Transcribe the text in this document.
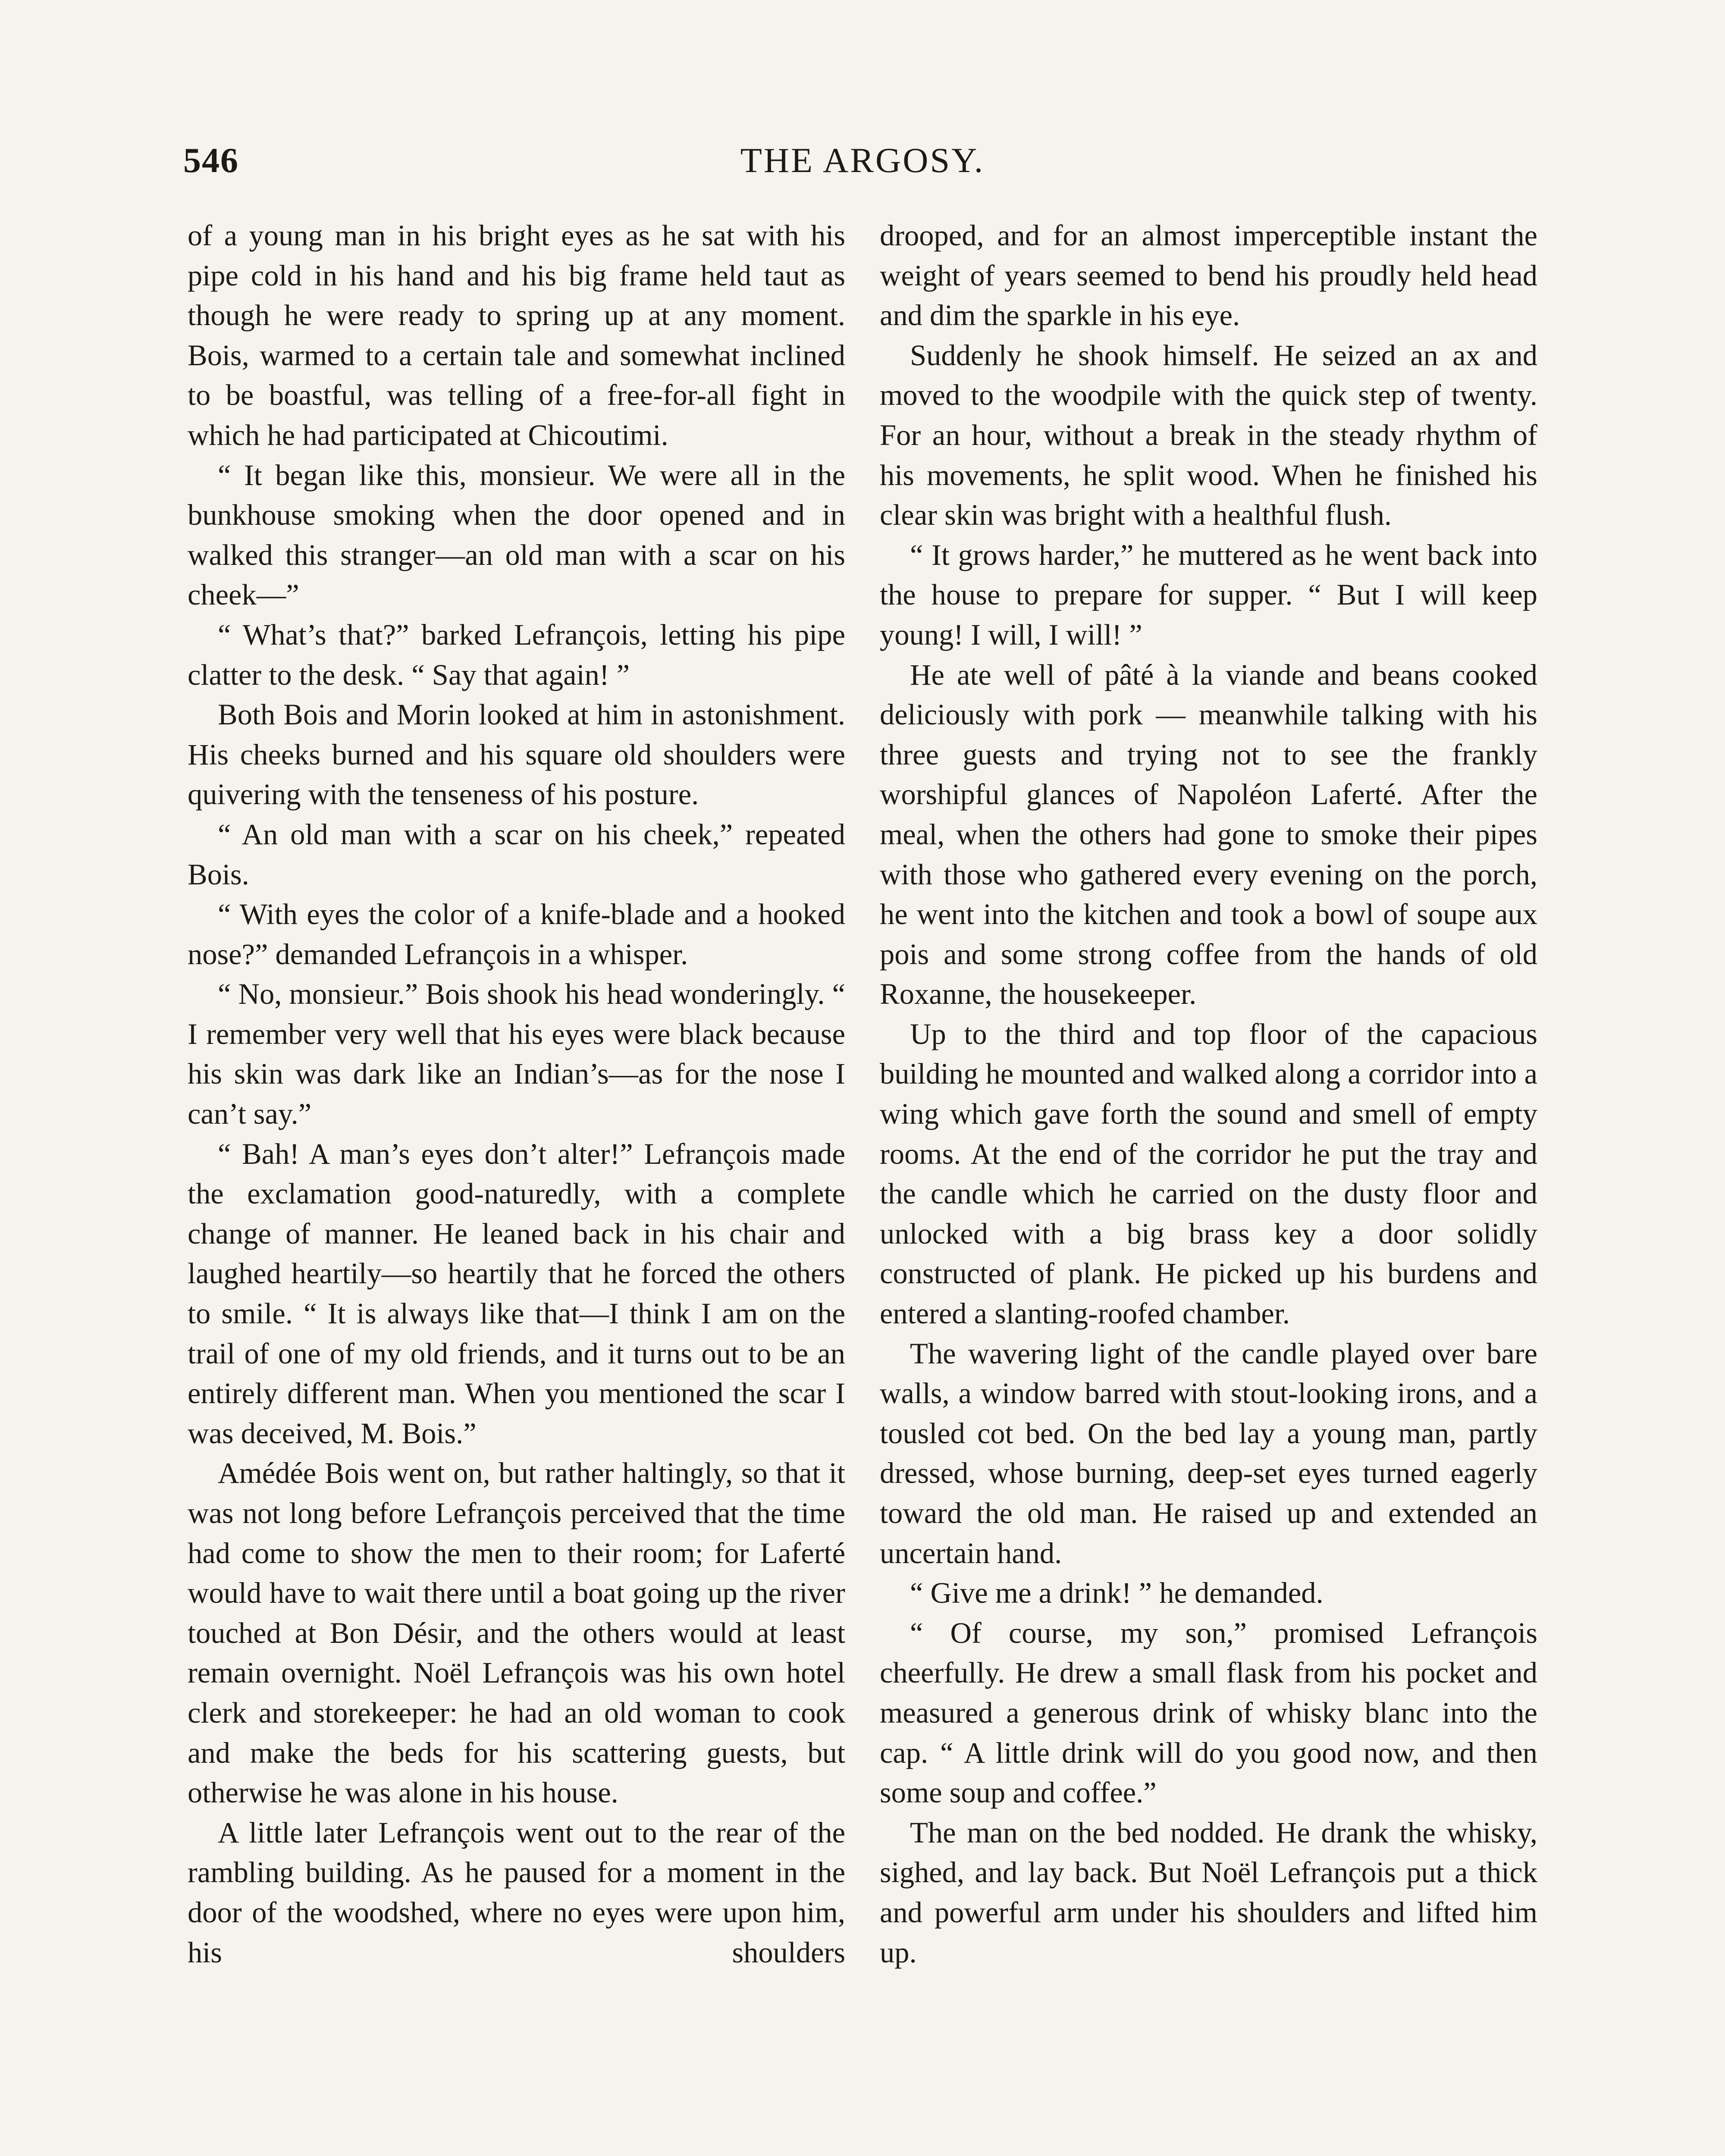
546	THE ARGOSY.

of a young man in his bright eyes as he sat with his pipe cold in his hand and his big frame held taut as though he were ready to spring up at any moment. Bois, warmed to a certain tale and somewhat inclined to be boastful, was telling of a free-for-all fight in which he had participated at Chicoutimi.

“ It began like this, monsieur. We were all in the bunkhouse smoking when the door opened and in walked this stranger—an old man with a scar on his cheek—”

“ What’s that?” barked Lefrançois, letting his pipe clatter to the desk. “ Say that again! ”

Both Bois and Morin looked at him in astonishment. His cheeks burned and his square old shoulders were quivering with the tenseness of his posture.

“ An old man with a scar on his cheek,” repeated Bois.

“ With eyes the color of a knife-blade and a hooked nose?” demanded Lefrançois in a whisper.

“ No, monsieur.” Bois shook his head wonderingly. “ I remember very well that his eyes were black because his skin was dark like an Indian’s—as for the nose I can’t say.”

“ Bah! A man’s eyes don’t alter!” Lefrançois made the exclamation good-naturedly, with a complete change of manner. He leaned back in his chair and laughed heartily—so heartily that he forced the others to smile. “ It is always like that—I think I am on the trail of one of my old friends, and it turns out to be an entirely different man. When you mentioned the scar I was deceived, M. Bois.”

Amédée Bois went on, but rather haltingly, so that it was not long before Lefrançois perceived that the time had come to show the men to their room; for Laferté would have to wait there until a boat going up the river touched at Bon Désir, and the others would at least remain overnight. Noël Lefrançois was his own hotel clerk and storekeeper: he had an old woman to cook and make the beds for his scattering guests, but otherwise he was alone in his house.

A little later Lefrançois went out to the rear of the rambling building. As he paused for a moment in the door of the woodshed, where no eyes were upon him, his shoulders

drooped, and for an almost imperceptible instant the weight of years seemed to bend his proudly held head and dim the sparkle in his eye.

Suddenly he shook himself. He seized an ax and moved to the woodpile with the quick step of twenty. For an hour, without a break in the steady rhythm of his movements, he split wood. When he finished his clear skin was bright with a healthful flush.

“ It grows harder,” he muttered as he went back into the house to prepare for supper. “ But I will keep young! I will, I will! ”

He ate well of pâté à la viande and beans cooked deliciously with pork — meanwhile talking with his three guests and trying not to see the frankly worshipful glances of Napoléon Laferté. After the meal, when the others had gone to smoke their pipes with those who gathered every evening on the porch, he went into the kitchen and took a bowl of soupe aux pois and some strong coffee from the hands of old Roxanne, the housekeeper.

Up to the third and top floor of the capacious building he mounted and walked along a corridor into a wing which gave forth the sound and smell of empty rooms. At the end of the corridor he put the tray and the candle which he carried on the dusty floor and unlocked with a big brass key a door solidly constructed of plank. He picked up his burdens and entered a slanting-roofed chamber.

The wavering light of the candle played over bare walls, a window barred with stout-looking irons, and a tousled cot bed. On the bed lay a young man, partly dressed, whose burning, deep-set eyes turned eagerly toward the old man. He raised up and extended an uncertain hand.

“ Give me a drink! ” he demanded.

“ Of course, my son,” promised Lefrançois cheerfully. He drew a small flask from his pocket and measured a generous drink of whisky blanc into the cap. “ A little drink will do you good now, and then some soup and coffee.”

The man on the bed nodded. He drank the whisky, sighed, and lay back. But Noël Lefrançois put a thick and powerful arm under his shoulders and lifted him up.
